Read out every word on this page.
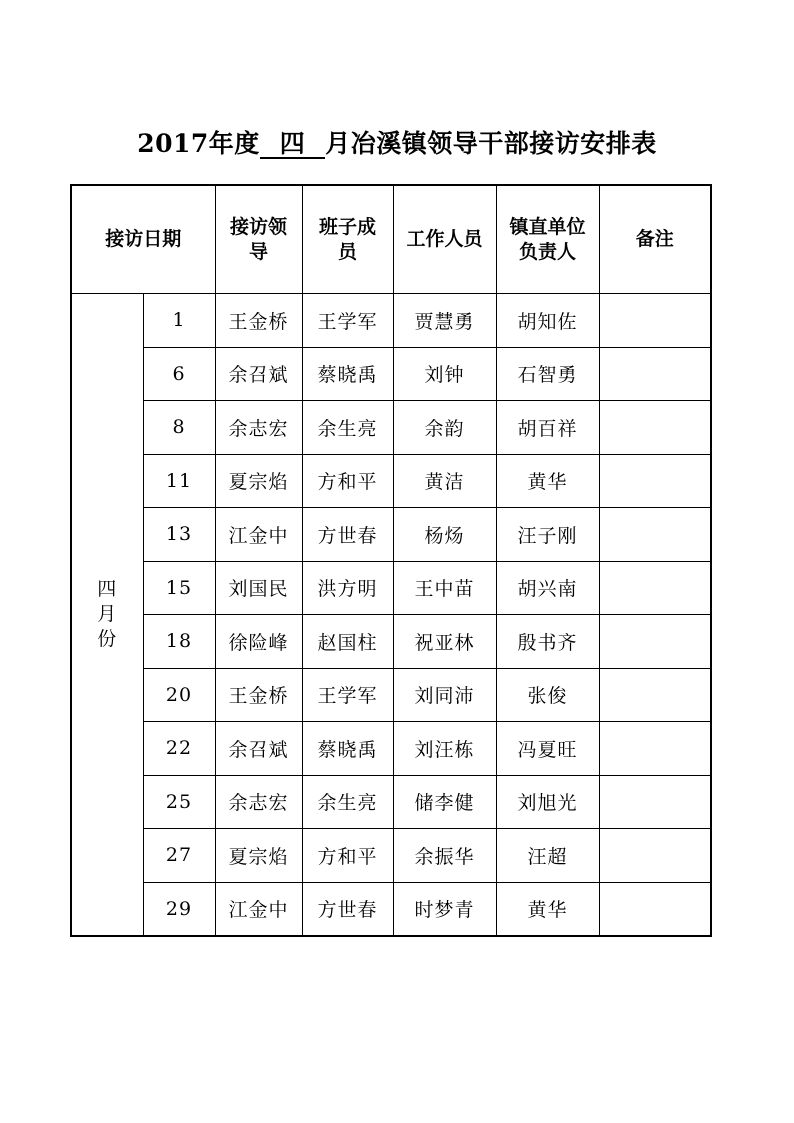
2017年度 四 月冶溪镇领导干部接访安排表
接访日期		接访领导	班子成员	工作人员	镇直单位负责人	备注
四月份	1	王金桥	王学军	贾慧勇	胡知佐	
	6	余召斌	蔡晓禹	刘钟	石智勇	
	8	余志宏	余生亮	余韵	胡百祥	
	11	夏宗焰	方和平	黄洁	黄华	
	13	江金中	方世春	杨炀	汪子刚	
	15	刘国民	洪方明	王中苗	胡兴南	
	18	徐险峰	赵国柱	祝亚林	殷书齐	
	20	王金桥	王学军	刘同沛	张俊	
	22	余召斌	蔡晓禹	刘汪栋	冯夏旺	
	25	余志宏	余生亮	储李健	刘旭光	
	27	夏宗焰	方和平	余振华	汪超	
	29	江金中	方世春	时梦青	黄华	
